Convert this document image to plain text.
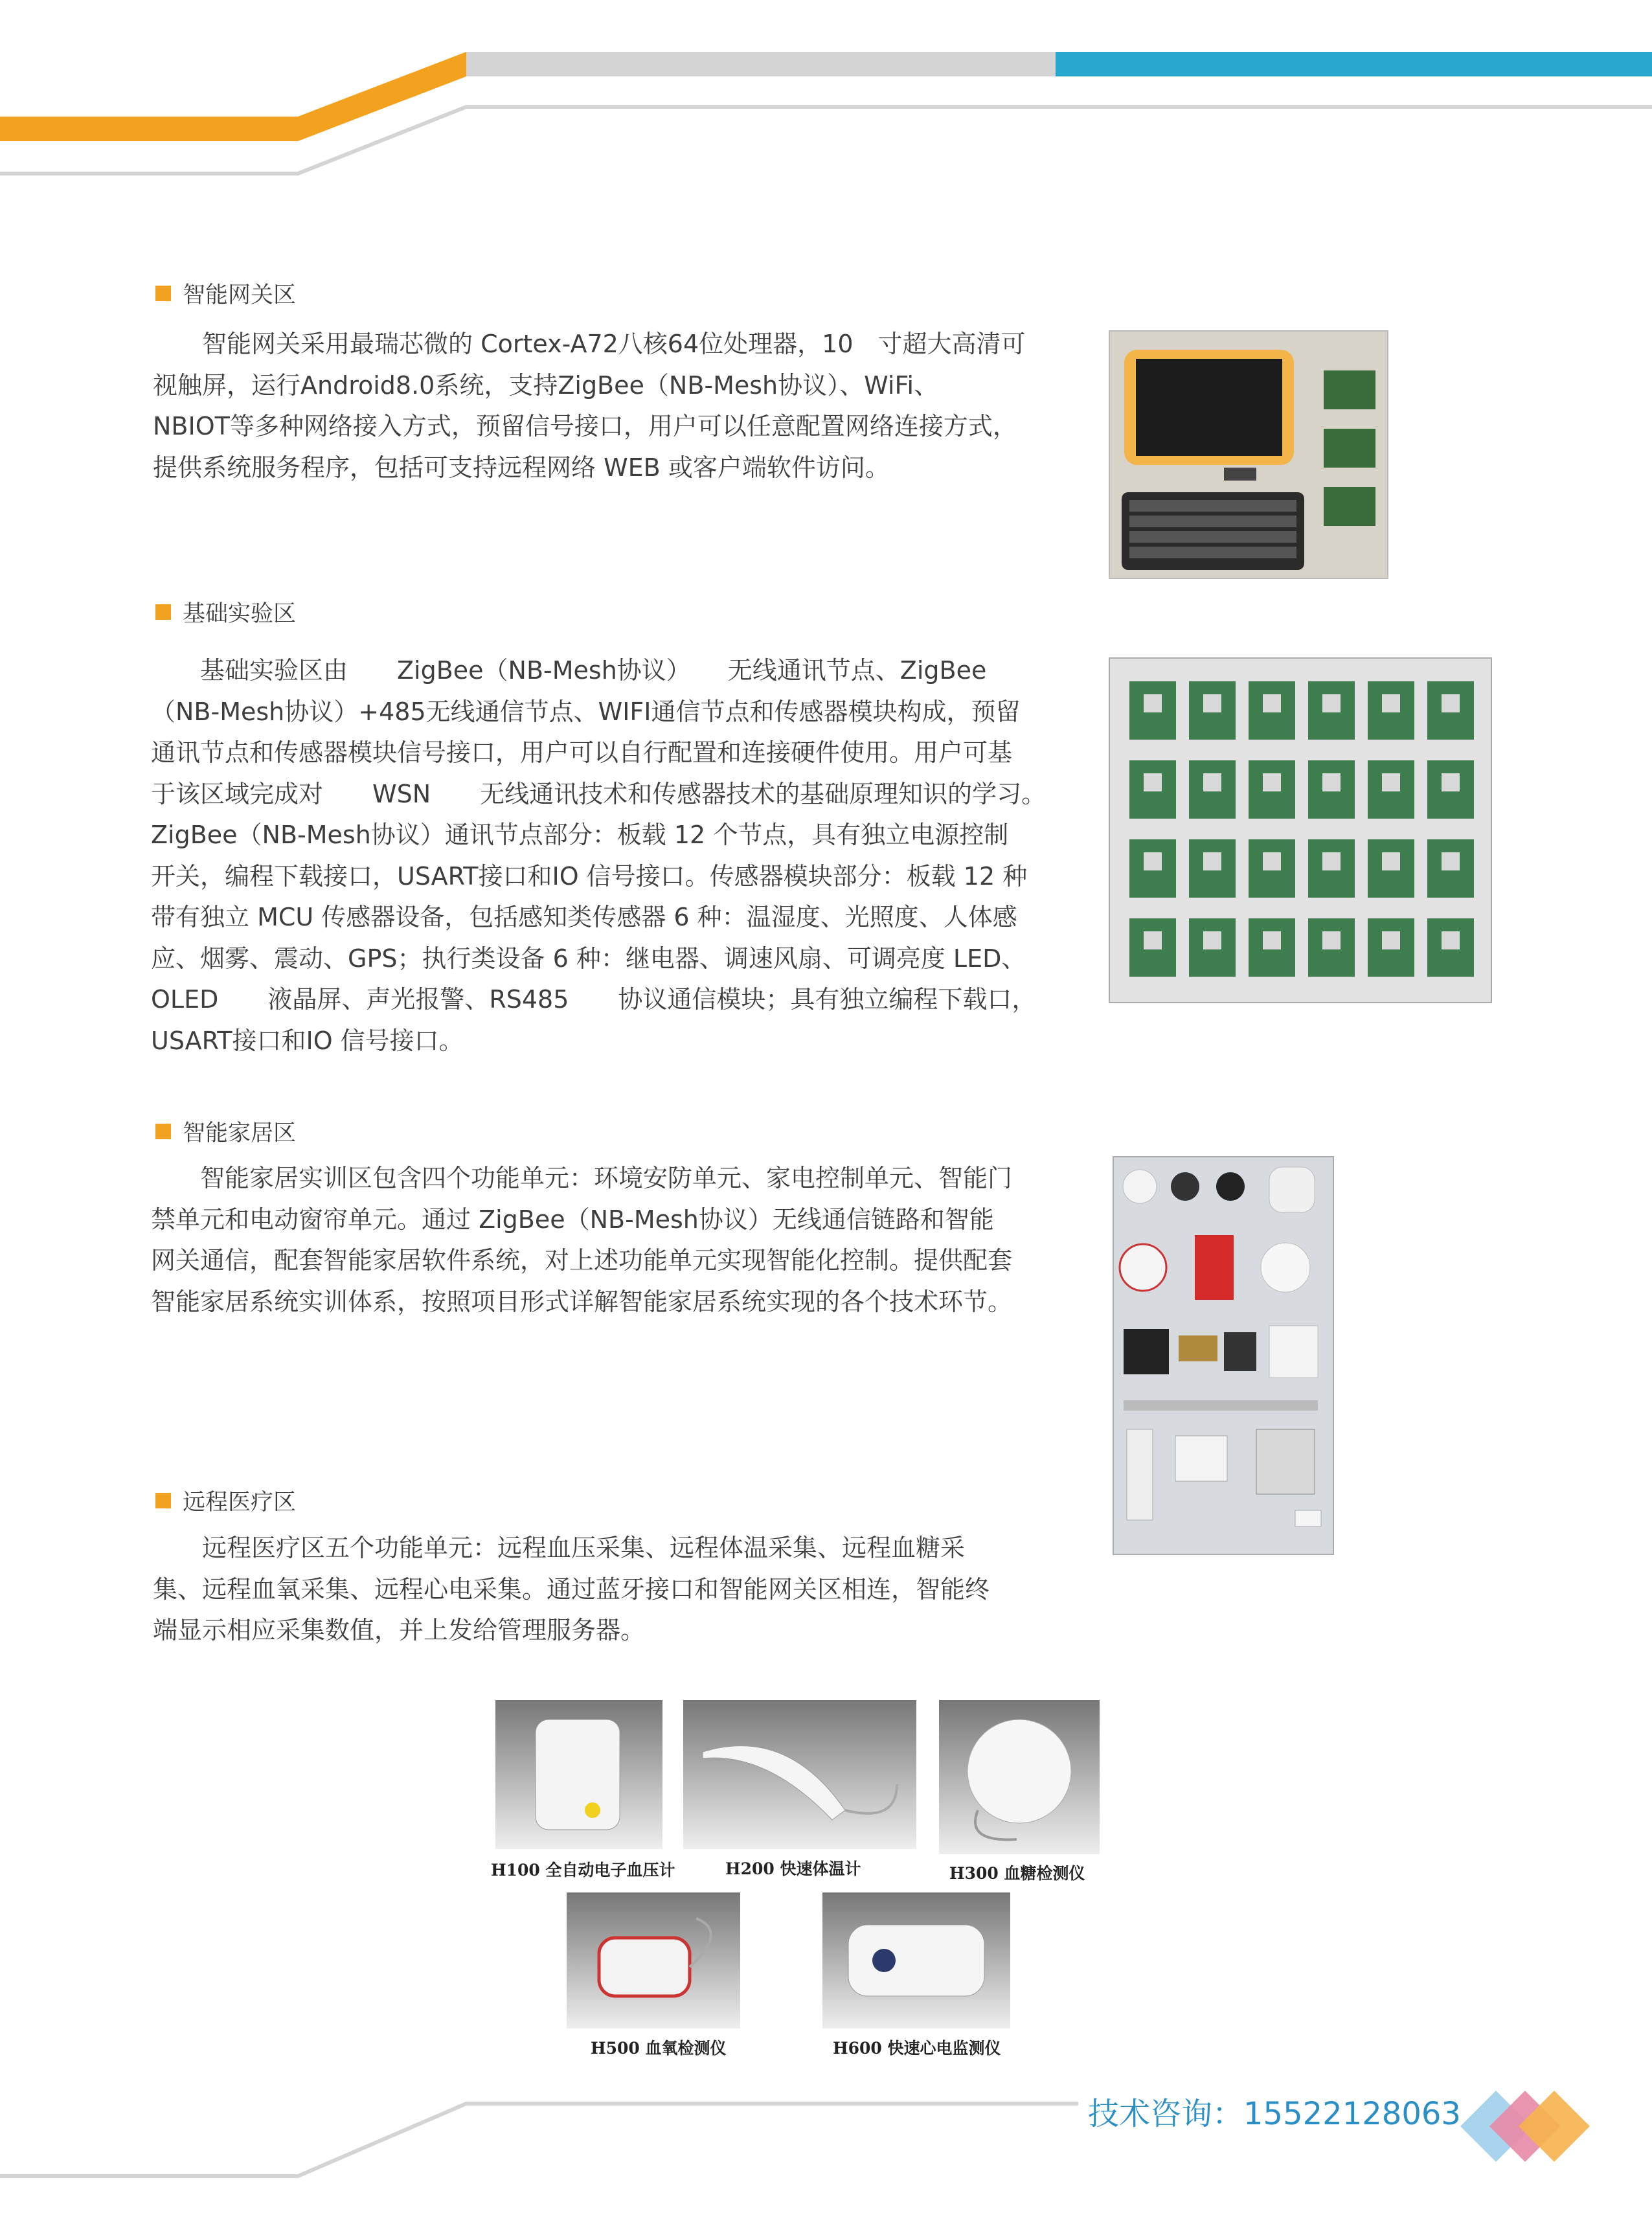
智能网关区
　　智能网关采用最瑞芯微的 Cortex-A72八核64位处理器，10　寸超大高清可
视触屏，运行Android8.0系统，支持ZigBee（NB-Mesh协议）、WiFi、
NBIOT等多种网络接入方式，预留信号接口，用户可以任意配置网络连接方式，
提供系统服务程序，包括可支持远程网络 WEB 或客户端软件访问。
基础实验区
　　基础实验区由　　ZigBee（NB-Mesh协议）　　无线通讯节点、ZigBee
（NB-Mesh协议）+485无线通信节点、WIFI通信节点和传感器模块构成，预留
通讯节点和传感器模块信号接口，用户可以自行配置和连接硬件使用。用户可基
于该区域完成对　　WSN　　无线通讯技术和传感器技术的基础原理知识的学习。
ZigBee（NB-Mesh协议）通讯节点部分：板载 12 个节点，具有独立电源控制
开关，编程下载接口，USART接口和IO 信号接口。传感器模块部分：板载 12 种
带有独立 MCU 传感器设备，包括感知类传感器 6 种：温湿度、光照度、人体感
应、烟雾、震动、GPS；执行类设备 6 种：继电器、调速风扇、可调亮度 LED、
OLED　　液晶屏、声光报警、RS485　　协议通信模块；具有独立编程下载口，
USART接口和IO 信号接口。
智能家居区
　　智能家居实训区包含四个功能单元：环境安防单元、家电控制单元、智能门
禁单元和电动窗帘单元。通过 ZigBee（NB-Mesh协议）无线通信链路和智能
网关通信，配套智能家居软件系统，对上述功能单元实现智能化控制。提供配套
智能家居系统实训体系，按照项目形式详解智能家居系统实现的各个技术环节。
远程医疗区
　　远程医疗区五个功能单元：远程血压采集、远程体温采集、远程血糖采
集、远程血氧采集、远程心电采集。通过蓝牙接口和智能网关区相连，智能终
端显示相应采集数值，并上发给管理服务器。
H100 全自动电子血压计	H200 快速体温计	H300 血糖检测仪
H500 血氧检测仪	H600 快速心电监测仪
技术咨询：15522128063
